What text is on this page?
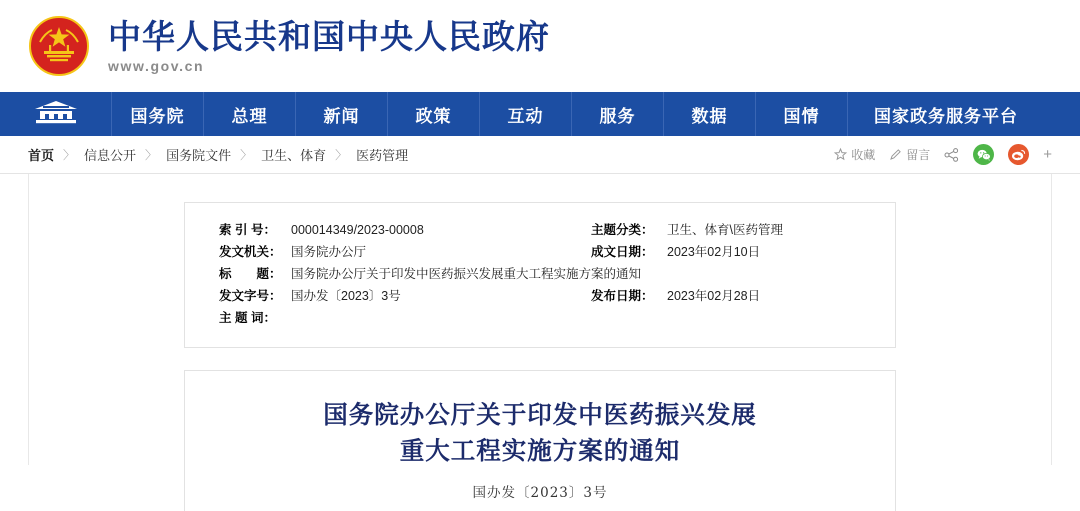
中华人民共和国中央人民政府
www.gov.cn
国务院	总理	新闻	政策	互动	服务	数据	国情	国家政务服务平台
首页 〉 信息公开 〉 国务院文件 〉 卫生、体育 〉 医药管理	收藏	留言	+
索 引 号：	000014349/2023-00008	主题分类：	卫生、体育\医药管理
发文机关： 国务院办公厅	成文日期：	2023年02月10日
标　　题： 国务院办公厅关于印发中医药振兴发展重大工程实施方案的通知
发文字号： 国办发〔2023〕3号	发布日期：	2023年02月28日
主 题 词：
国务院办公厅关于印发中医药振兴发展
重大工程实施方案的通知
国办发〔2023〕3号
